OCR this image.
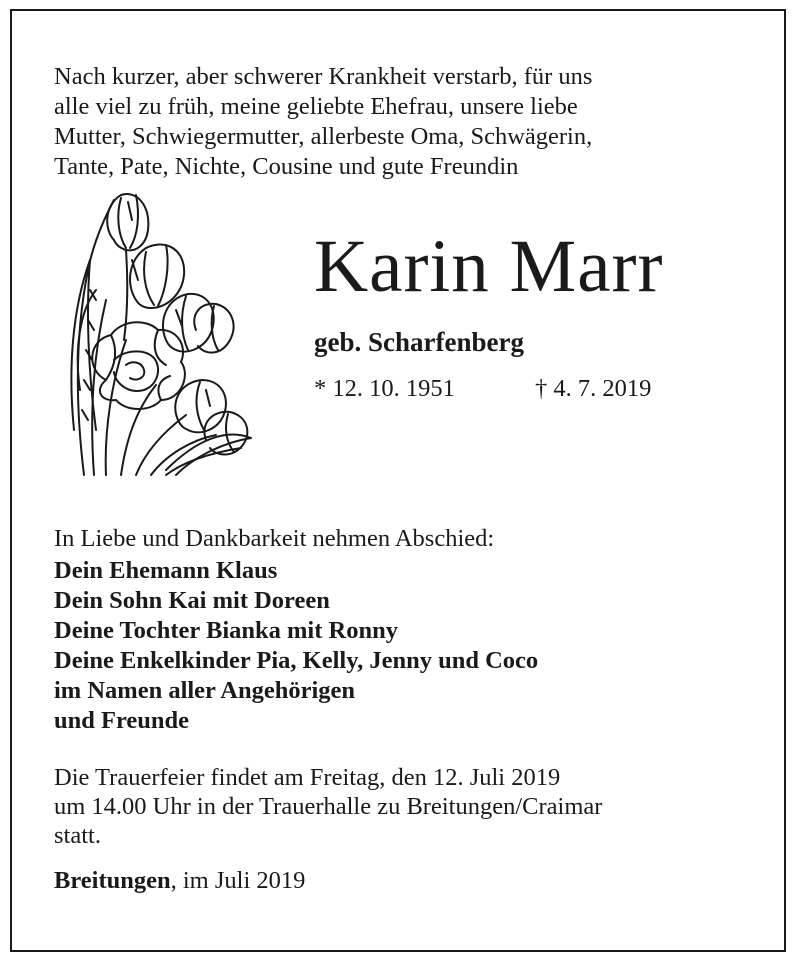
Nach kurzer, aber schwerer Krankheit verstarb, für uns
alle viel zu früh, meine geliebte Ehefrau, unsere liebe
Mutter, Schwiegermutter, allerbeste Oma, Schwägerin,
Tante, Pate, Nichte, Cousine und gute Freundin
Karin Marr
geb. Scharfenberg
* 12. 10. 1951	† 4. 7. 2019
In Liebe und Dankbarkeit nehmen Abschied:
Dein Ehemann Klaus
Dein Sohn Kai mit Doreen
Deine Tochter Bianka mit Ronny
Deine Enkelkinder Pia, Kelly, Jenny und Coco
im Namen aller Angehörigen
und Freunde
Die Trauerfeier findet am Freitag, den 12. Juli 2019
um 14.00 Uhr in der Trauerhalle zu Breitungen/Craimar
statt.
Breitungen, im Juli 2019
